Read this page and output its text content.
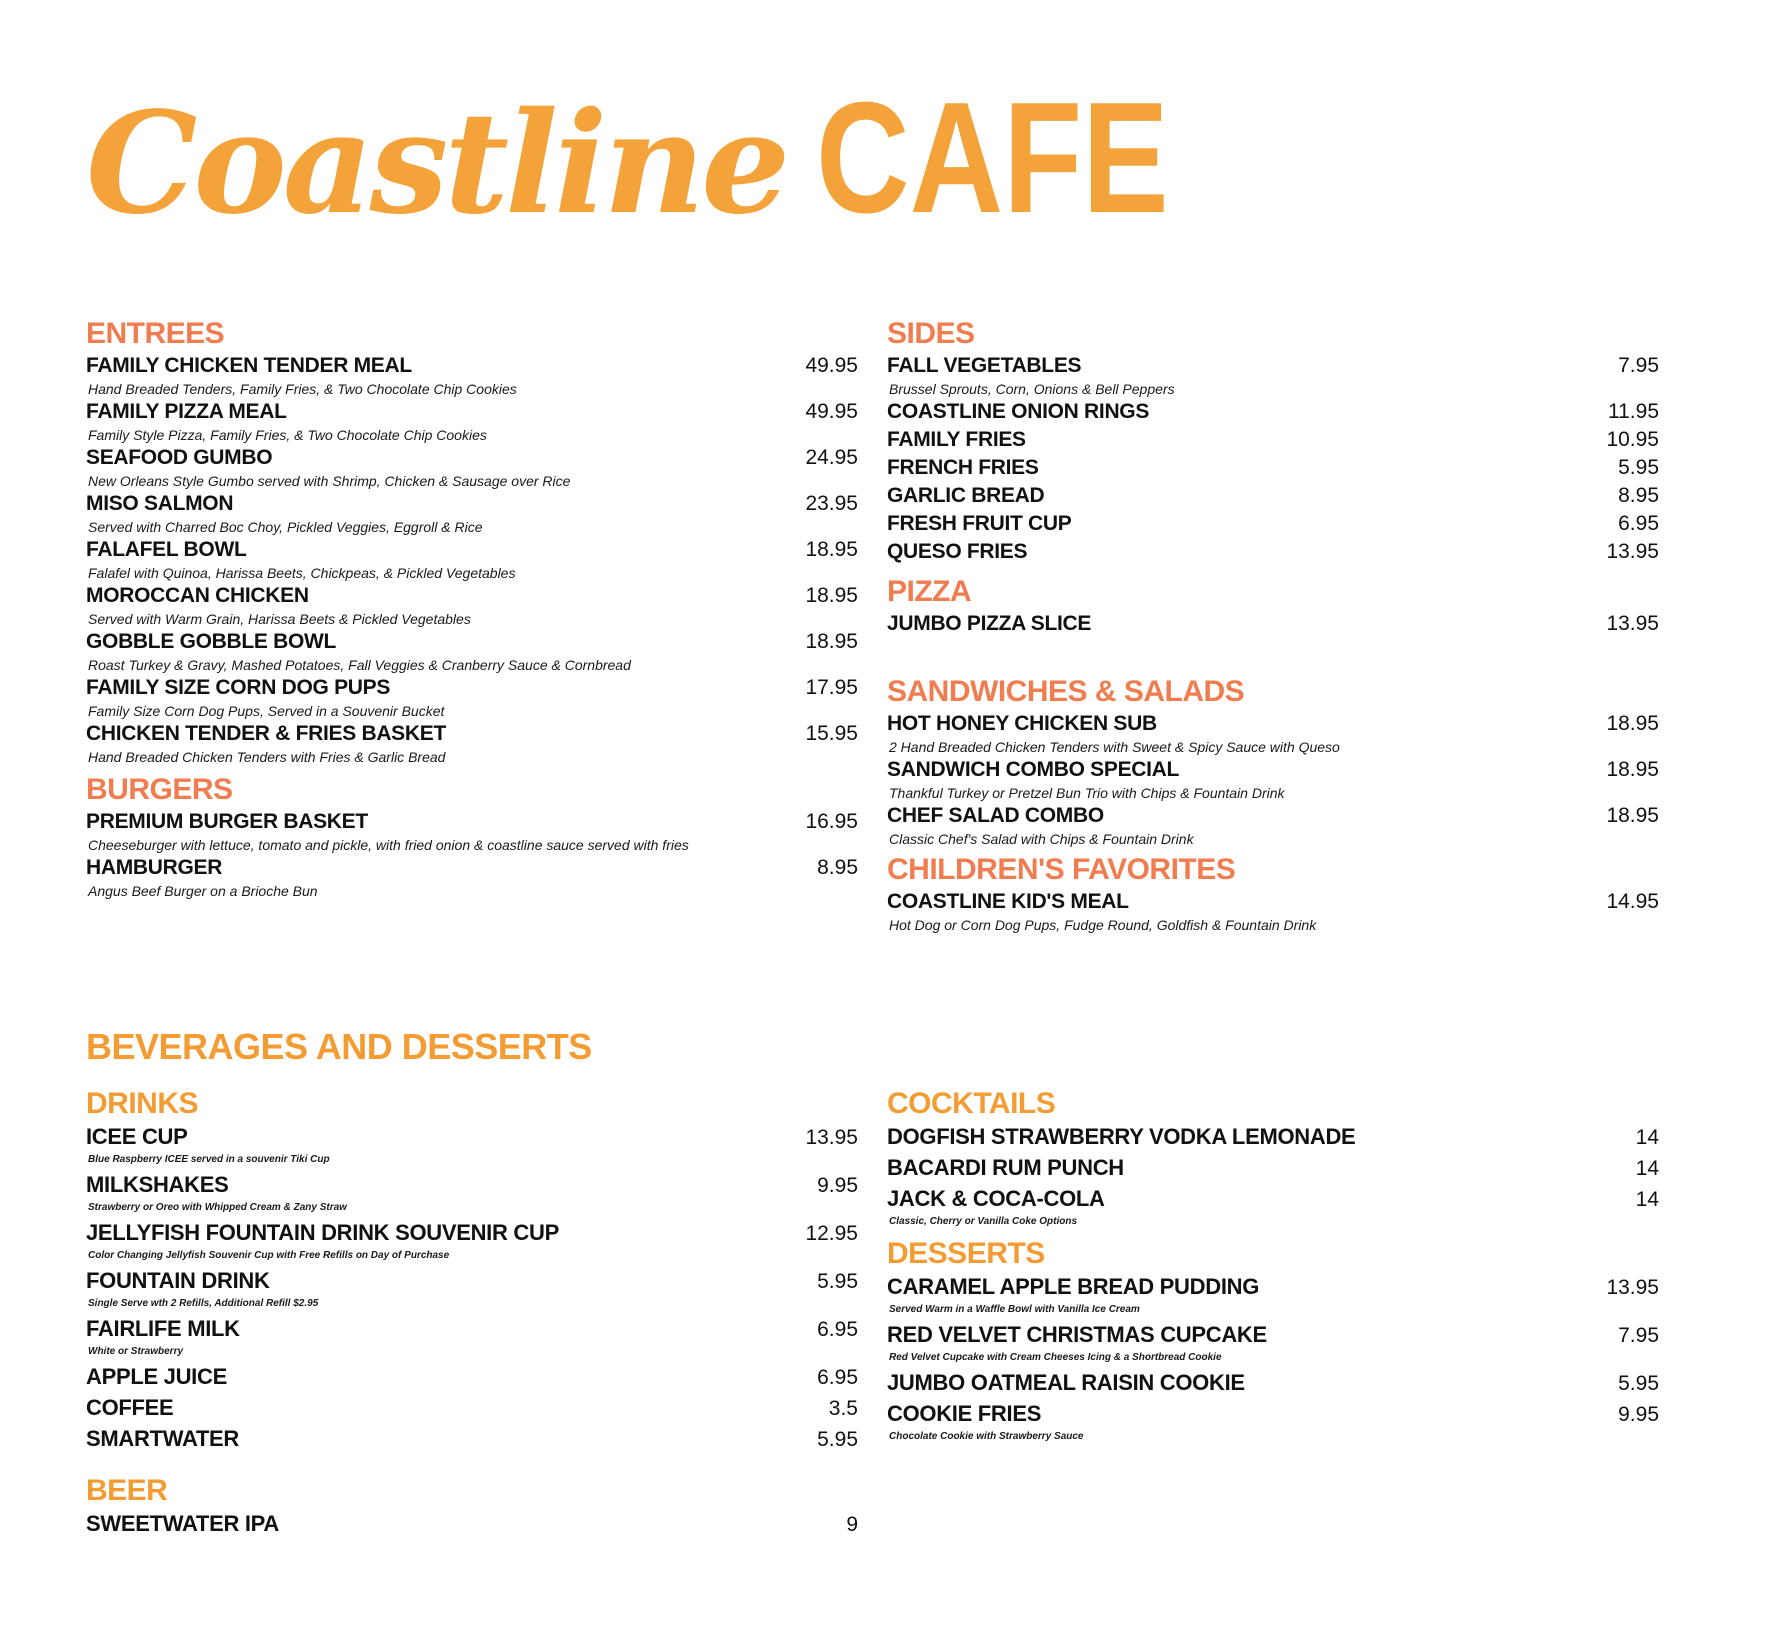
Coastline CAFE
ENTREES
FAMILY CHICKEN TENDER MEAL	49.95
Hand Breaded Tenders, Family Fries, & Two Chocolate Chip Cookies
FAMILY PIZZA MEAL	49.95
Family Style Pizza, Family Fries, & Two Chocolate Chip Cookies
SEAFOOD GUMBO	24.95
New Orleans Style Gumbo served with Shrimp, Chicken & Sausage over Rice
MISO SALMON	23.95
Served with Charred Boc Choy, Pickled Veggies, Eggroll & Rice
FALAFEL BOWL	18.95
Falafel with Quinoa, Harissa Beets, Chickpeas, & Pickled Vegetables
MOROCCAN CHICKEN	18.95
Served with Warm Grain, Harissa Beets & Pickled Vegetables
GOBBLE GOBBLE BOWL	18.95
Roast Turkey & Gravy, Mashed Potatoes, Fall Veggies & Cranberry Sauce & Cornbread
FAMILY SIZE CORN DOG PUPS	17.95
Family Size Corn Dog Pups, Served in a Souvenir Bucket
CHICKEN TENDER & FRIES BASKET	15.95
Hand Breaded Chicken Tenders with Fries & Garlic Bread
BURGERS
PREMIUM BURGER BASKET	16.95
Cheeseburger with lettuce, tomato and pickle, with fried onion & coastline sauce served with fries
HAMBURGER	8.95
Angus Beef Burger on a Brioche Bun
SIDES
FALL VEGETABLES	7.95
Brussel Sprouts, Corn, Onions & Bell Peppers
COASTLINE ONION RINGS	11.95
FAMILY FRIES	10.95
FRENCH FRIES	5.95
GARLIC BREAD	8.95
FRESH FRUIT CUP	6.95
QUESO FRIES	13.95
PIZZA
JUMBO PIZZA SLICE	13.95
SANDWICHES & SALADS
HOT HONEY CHICKEN SUB	18.95
2 Hand Breaded Chicken Tenders with Sweet & Spicy Sauce with Queso
SANDWICH COMBO SPECIAL	18.95
Thankful Turkey or Pretzel Bun Trio with Chips & Fountain Drink
CHEF SALAD COMBO	18.95
Classic Chef's Salad with Chips & Fountain Drink
CHILDREN'S FAVORITES
COASTLINE KID'S MEAL	14.95
Hot Dog or Corn Dog Pups, Fudge Round, Goldfish & Fountain Drink
BEVERAGES AND DESSERTS
DRINKS
ICEE CUP	13.95
Blue Raspberry ICEE served in a souvenir Tiki Cup
MILKSHAKES	9.95
Strawberry or Oreo with Whipped Cream & Zany Straw
JELLYFISH FOUNTAIN DRINK SOUVENIR CUP	12.95
Color Changing Jellyfish Souvenir Cup with Free Refills on Day of Purchase
FOUNTAIN DRINK	5.95
Single Serve wth 2 Refills, Additional Refill $2.95
FAIRLIFE MILK	6.95
White or Strawberry
APPLE JUICE	6.95
COFFEE	3.5
SMARTWATER	5.95
BEER
SWEETWATER IPA	9
COCKTAILS
DOGFISH STRAWBERRY VODKA LEMONADE	14
BACARDI RUM PUNCH	14
JACK & COCA-COLA	14
Classic, Cherry or Vanilla Coke Options
DESSERTS
CARAMEL APPLE BREAD PUDDING	13.95
Served Warm in a Waffle Bowl with Vanilla Ice Cream
RED VELVET CHRISTMAS CUPCAKE	7.95
Red Velvet Cupcake with Cream Cheeses Icing & a Shortbread Cookie
JUMBO OATMEAL RAISIN COOKIE	5.95
COOKIE FRIES	9.95
Chocolate Cookie with Strawberry Sauce
